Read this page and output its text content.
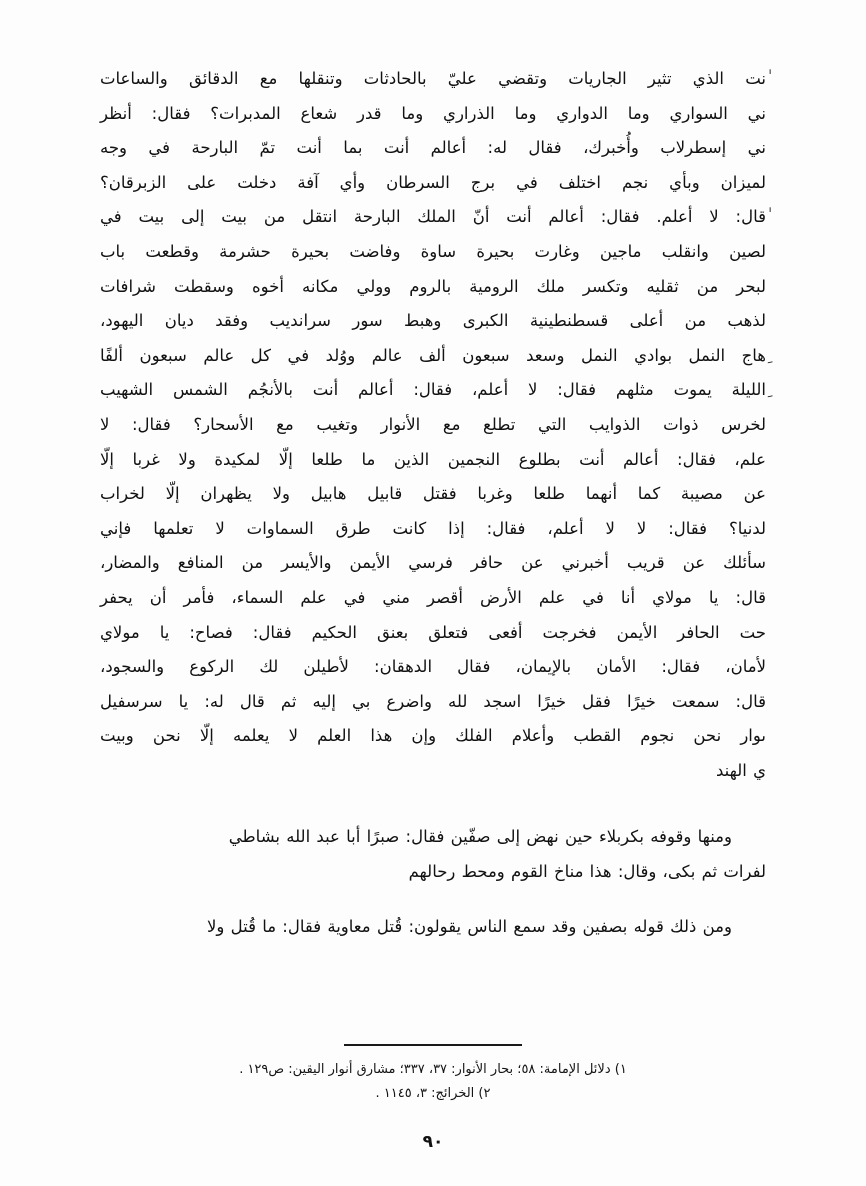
ٰنت الذي تثير الجاريات وتقضي عليّ بالحادثات وتنقلها مع الدقائق والساعات

ني السواري وما الدواري وما الذراري وما قدر شعاع المدبرات؟ فقال: أنظر

ني إسطرلاب وأُخبرك، فقال له: أعالم أنت بما أنت تمّ البارحة في وجه

لميزان وبأي نجم اختلف في برج السرطان وأي آفة دخلت على الزبرقان؟

ٰقال: لا أعلم. فقال: أعالم أنت أنّ الملك البارحة انتقل من بيت إلى بيت في

لصين وانقلب ماجين وغارت بحيرة ساوة وفاضت بحيرة حشرمة وقطعت باب

لبحر من ثقليه وتكسر ملك الرومية بالروم وولي مكانه أخوه وسقطت شرافات

لذهب من أعلى قسطنطينية الكبرى وهبط سور سرانديب وفقد ديان اليهود،

ِهاج النمل بوادي النمل وسعد سبعون ألف عالم ووُلد في كل عالم سبعون ألفًا

ِالليلة يموت مثلهم فقال: لا أعلم، فقال: أعالم أنت بالأنجُم الشمس الشهيب

لخرس ذوات الذوايب التي تطلع مع الأنوار وتغيب مع الأسحار؟ فقال: لا

علم، فقال: أعالم أنت بطلوع النجمين الذين ما طلعا إلّا لمكيدة ولا غربا إلّا

عن مصيبة كما أنهما طلعا وغربا فقتل قابيل هابيل ولا يظهران إلّا لخراب

لدنيا؟ فقال: لا لا أعلم، فقال: إذا كانت طرق السماوات لا تعلمها فإني

سأئلك عن قريب أخبرني عن حافر فرسي الأيمن والأيسر من المنافع والمضار،

قال: يا مولاي أنا في علم الأرض أقصر مني في علم السماء، فأمر أن يحفر

حت الحافر الأيمن فخرجت أفعى فتعلق بعنق الحكيم فقال: فصاح: يا مولاي

لأمان، فقال: الأمان بالإيمان، فقال الدهقان: لأطيلن لك الركوع والسجود،

قال: سمعت خيرًا فقل خيرًا اسجد لله واضرع بي إليه ثم قال له: يا سرسفيل

ٮوار نحن نجوم القطب وأعلام الفلك وإن هذا العلم لا يعلمه إلّا نحن وبيت

ي الهند

ومنها وقوفه بكربلاء حين نهض إلى صفّين فقال: صبرًا أبا عبد الله بشاطي

لفرات ثم بكى، وقال: هذا مناخ القوم ومحط رحالهم

ومن ذلك قوله بصفين وقد سمع الناس يقولون: قُتل معاوية فقال: ما قُتل ولا

١) دلائل الإمامة: ٥٨؛ بحار الأنوار: ٣٧، ٣٣٧؛ مشارق أنوار اليقين: ص١٢٩ .
٢) الخرائج: ٣، ١١٤٥ .
٩٠
